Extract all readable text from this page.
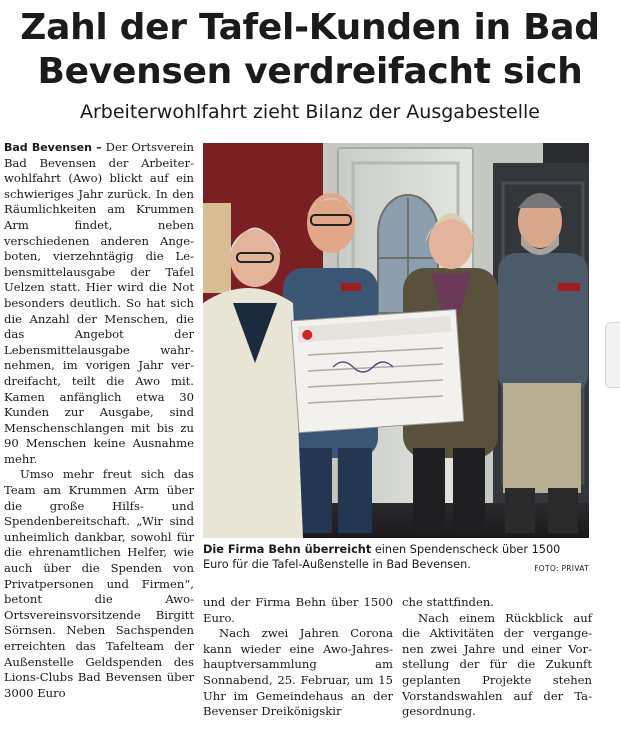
Zahl der Tafel-Kunden in Bad
Bevensen verdreifacht sich
Arbeiterwohlfahrt zieht Bilanz der Ausgabestelle

Bad Bevensen – Der Ortsverein Bad Bevensen der Arbeiterwohlfahrt (Awo) blickt auf ein schwieriges Jahr zurück. In den Räumlichkeiten am Krummen Arm findet, neben verschiedenen anderen Angeboten, vierzehntägig die Lebensmittelausgabe der Tafel Uelzen statt. Hier wird die Not besonders deutlich. So hat sich die Anzahl der Menschen, die das Angebot der Lebensmittelausgabe wahrnehmen, im vorigen Jahr verdreifacht, teilt die Awo mit. Kamen anfänglich etwa 30 Kunden zur Ausgabe, sind Menschenschlangen mit bis zu 90 Menschen keine Ausnahme mehr.

Umso mehr freut sich das Team am Krummen Arm über die große Hilfs- und Spendenbereitschaft. „Wir sind unheimlich dankbar, sowohl für die ehrenamtlichen Helfer, wie auch über die Spenden von Privatpersonen und Firmen“, betont die Awo-Ortsvereinsvorsitzende Birgitt Sörnsen. Neben Sachspenden erreichten das Tafelteam der Außenstelle Geldspenden des Lions-Clubs Bad Bevensen über 3000 Euro

Die Firma Behn überreicht einen Spendenscheck über 1500 Euro für die Tafel-Außenstelle in Bad Bevensen.	FOTO: PRIVAT

und der Firma Behn über 1500 Euro.

Nach zwei Jahren Corona kann wieder eine Awo-Jahreshauptversammlung am Sonnabend, 25. Februar, um 15 Uhr im Gemeindehaus an der Bevenser Dreikönigskir

che stattfinden.

Nach einem Rückblick auf die Aktivitäten der vergangenen zwei Jahre und einer Vorstellung der für die Zukunft geplanten Projekte stehen Vorstandswahlen auf der Tagesordnung.
